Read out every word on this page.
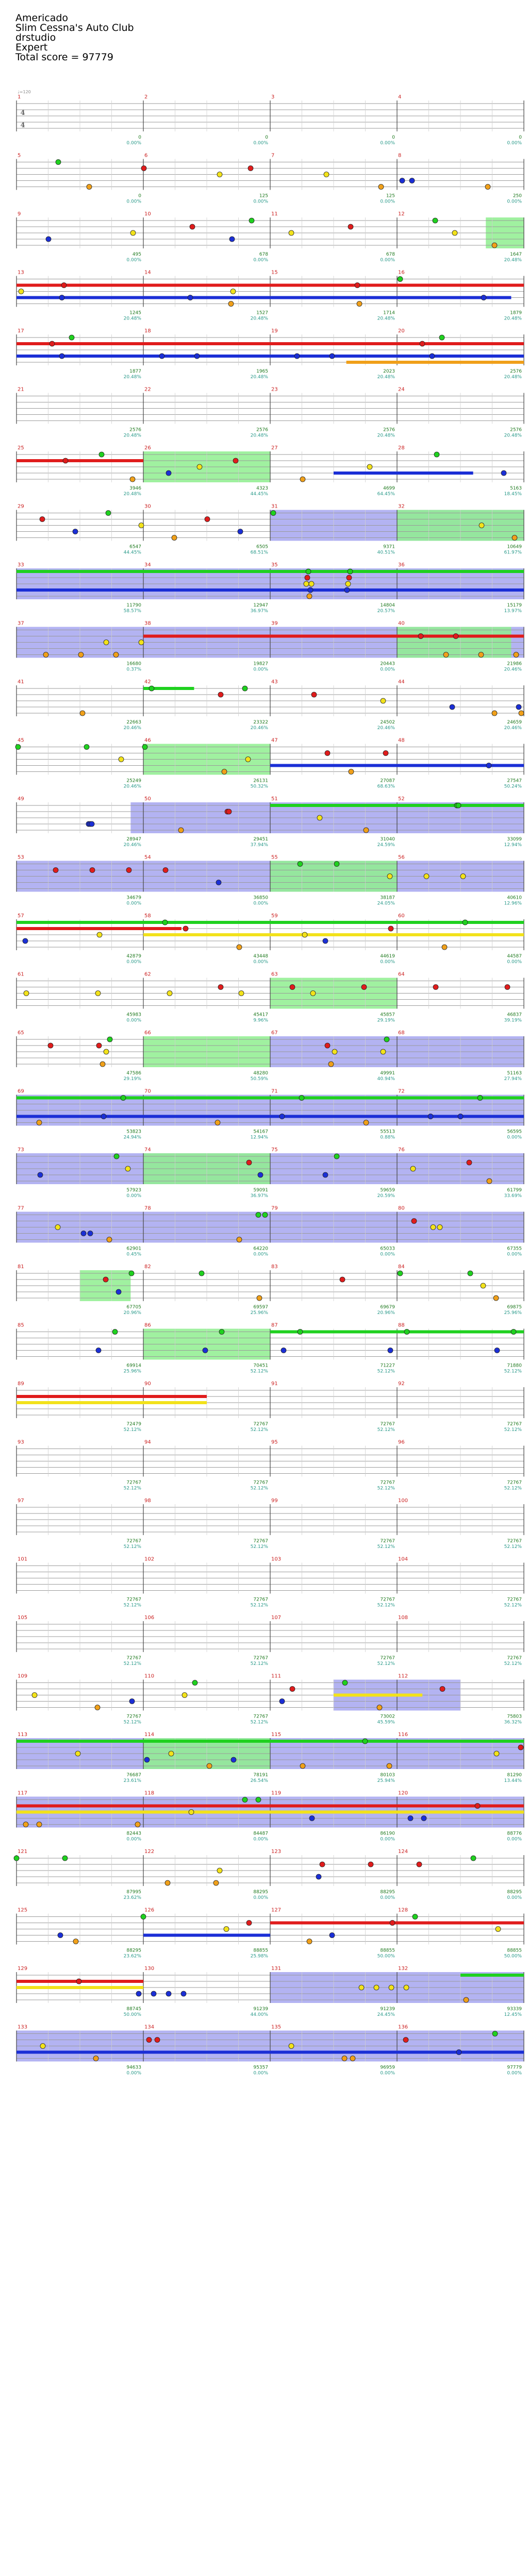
Americado
Slim Cessna's Auto Club
drstudio
Expert
Total score = 97779
1
0
0.00%
2
0
0.00%
3
0
0.00%
4
0
0.00%
5
0
0.00%
6
125
0.00%
7
125
0.00%
8
250
0.00%
9
495
0.00%
10
678
0.00%
11
678
0.00%
12
1647
20.48%
13
1245
20.48%
14
1527
20.48%
15
1714
20.48%
16
1879
20.48%
17
1877
20.48%
18
1965
20.48%
19
2023
20.48%
20
2576
20.48%
21
2576
20.48%
22
2576
20.48%
23
2576
20.48%
24
2576
20.48%
25
3946
20.48%
26
4323
44.45%
27
4699
64.45%
28
5163
18.45%
29
6547
44.45%
30
6505
68.51%
31
9371
40.51%
32
10649
61.97%
33
11790
58.57%
34
12947
36.97%
35
14804
20.57%
36
15179
13.97%
37
16680
0.37%
38
19827
0.00%
39
20443
0.00%
40
21986
20.46%
41
22663
20.46%
42
23322
20.46%
43
24502
20.46%
44
24659
20.46%
45
25249
20.46%
46
26131
50.32%
47
27087
68.63%
48
27547
50.24%
49
28947
20.46%
50
29451
37.94%
51
31040
24.59%
52
33099
12.94%
53
34679
0.00%
54
36850
0.00%
55
38187
24.05%
56
40610
12.96%
57
42879
0.00%
58
43448
0.00%
59
44619
0.00%
60
44587
0.00%
61
45983
0.00%
62
45417
9.96%
63
45857
29.19%
64
46837
39.19%
65
47586
29.19%
66
48280
50.59%
67
49991
40.94%
68
51163
27.94%
69
53823
24.94%
70
54167
12.94%
71
55513
0.88%
72
56595
0.00%
73
57923
0.00%
74
59091
36.97%
75
59659
20.59%
76
61799
33.69%
77
62901
0.45%
78
64220
0.00%
79
65033
0.00%
80
67355
0.00%
81
67705
20.96%
82
69597
25.96%
83
69679
20.96%
84
69875
25.96%
85
69914
25.96%
86
70451
52.12%
87
71227
52.12%
88
71880
52.12%
89
72479
52.12%
90
72767
52.12%
91
72767
52.12%
92
72767
52.12%
93
72767
52.12%
94
72767
52.12%
95
72767
52.12%
96
72767
52.12%
97
72767
52.12%
98
72767
52.12%
99
72767
52.12%
100
72767
52.12%
101
72767
52.12%
102
72767
52.12%
103
72767
52.12%
104
72767
52.12%
105
72767
52.12%
106
72767
52.12%
107
72767
52.12%
108
72767
52.12%
109
72767
52.12%
110
72767
52.12%
111
73002
45.59%
112
75803
36.32%
113
76687
23.61%
114
78191
26.54%
115
80103
25.94%
116
81290
13.44%
117
82443
0.00%
118
84487
0.00%
119
86190
0.00%
120
88776
0.00%
121
87995
23.62%
122
88295
0.00%
123
88295
0.00%
124
88295
0.00%
125
88295
23.62%
126
88855
25.98%
127
88855
50.00%
128
88855
50.00%
129
88745
50.00%
130
91239
44.00%
131
91239
24.45%
132
93339
12.45%
133
94633
0.00%
134
95357
0.00%
135
96959
0.00%
136
97779
0.00%
4
4
♩=120
